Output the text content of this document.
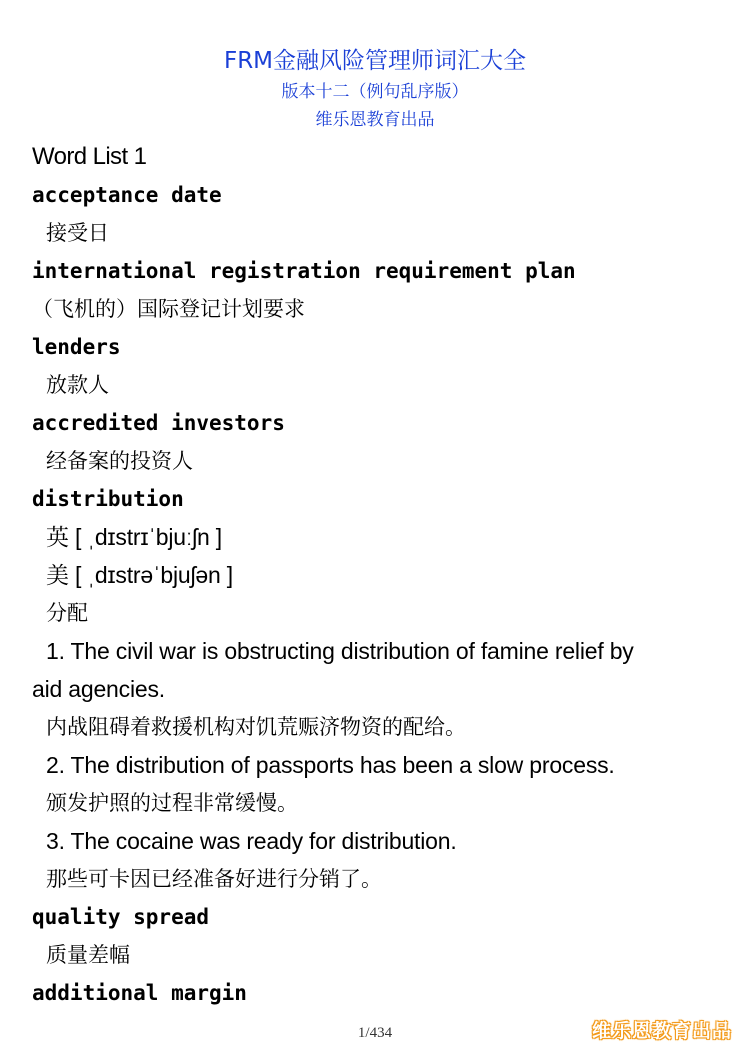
FRM金融风险管理师词汇大全
版本十二（例句乱序版）
维乐恩教育出品
Word List 1
acceptance date
接受日
international registration requirement plan
（飞机的）国际登记计划要求
lenders
放款人
accredited investors
经备案的投资人
distribution
英 [ ˌdɪstrɪˈbjuːʃn ]
美 [ ˌdɪstrəˈbjuʃən ]
分配
1. The civil war is obstructing distribution of famine relief by
aid agencies.
内战阻碍着救援机构对饥荒赈济物资的配给。
2. The distribution of passports has been a slow process.
颁发护照的过程非常缓慢。
3. The cocaine was ready for distribution.
那些可卡因已经准备好进行分销了。
quality spread
质量差幅
additional margin
1/434	维乐恩教育出品
